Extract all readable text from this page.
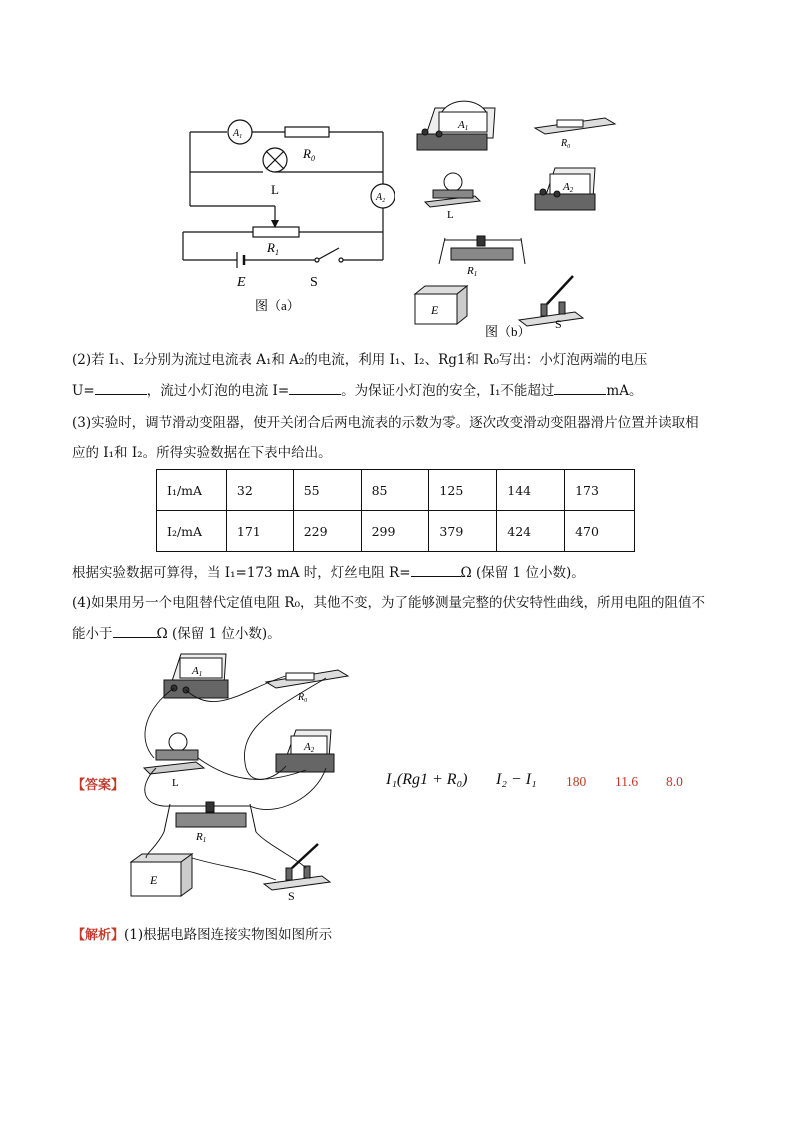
$A_1$
$A_2$
$R_0$
L
$R_1$
E	S
图（a）
A1
$R_0$
A2
L
R1
E
S
图（b）
(2)若 I₁、I₂分别为流过电流表 A₁和 A₂的电流，利用 I₁、I₂、Rg1和 R₀写出：小灯泡两端的电压
U=	，流过小灯泡的电流 I=	。为保证小灯泡的安全，I₁不能超过	mA。
(3)实验时，调节滑动变阻器，使开关闭合后两电流表的示数为零。逐次改变滑动变阻器滑片位置并读取相
应的 I₁和 I₂。所得实验数据在下表中给出。
I₁/mA	32	55	85	125	144	173
I₂/mA	171	229	299	379	424	470
根据实验数据可算得，当 I₁=173 mA 时，灯丝电阻 R=	Ω (保留 1 位小数)。
(4)如果用另一个电阻替代定值电阻 R₀，其他不变，为了能够测量完整的伏安特性曲线，所用电阻的阻值不
能小于	Ω (保留 1 位小数)。
【答案】
A1
$R_0$
A2
L
R1
E
S
I₁(Rg1 + R₀) I₂ − I₁ 180 11.6 8.0
【解析】(1)根据电路图连接实物图如图所示
